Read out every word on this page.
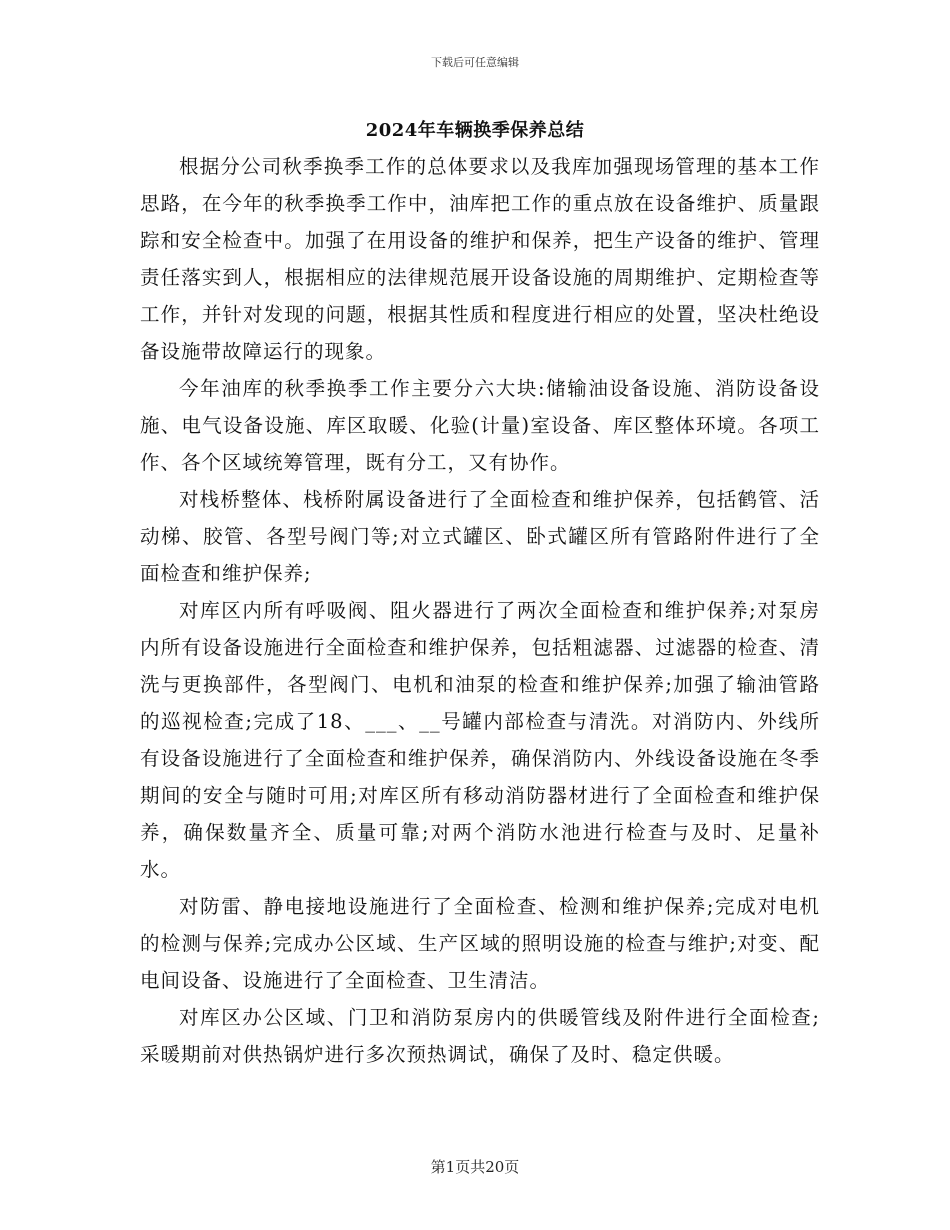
下载后可任意编辑
2024年车辆换季保养总结

根据分公司秋季换季工作的总体要求以及我库加强现场管理的基本工作思路，在今年的秋季换季工作中，油库把工作的重点放在设备维护、质量跟踪和安全检查中。加强了在用设备的维护和保养，把生产设备的维护、管理责任落实到人，根据相应的法律规范展开设备设施的周期维护、定期检查等工作，并针对发现的问题，根据其性质和程度进行相应的处置，坚决杜绝设备设施带故障运行的现象。

今年油库的秋季换季工作主要分六大块:储输油设备设施、消防设备设施、电气设备设施、库区取暖、化验(计量)室设备、库区整体环境。各项工作、各个区域统筹管理，既有分工，又有协作。

对栈桥整体、栈桥附属设备进行了全面检查和维护保养，包括鹤管、活动梯、胶管、各型号阀门等;对立式罐区、卧式罐区所有管路附件进行了全面检查和维护保养;

对库区内所有呼吸阀、阻火器进行了两次全面检查和维护保养;对泵房内所有设备设施进行全面检查和维护保养，包括粗滤器、过滤器的检查、清洗与更换部件，各型阀门、电机和油泵的检查和维护保养;加强了输油管路的巡视检查;完成了18、___、__号罐内部检查与清洗。对消防内、外线所有设备设施进行了全面检查和维护保养，确保消防内、外线设备设施在冬季期间的安全与随时可用;对库区所有移动消防器材进行了全面检查和维护保养，确保数量齐全、质量可靠;对两个消防水池进行检查与及时、足量补水。

对防雷、静电接地设施进行了全面检查、检测和维护保养;完成对电机的检测与保养;完成办公区域、生产区域的照明设施的检查与维护;对变、配电间设备、设施进行了全面检查、卫生清洁。

对库区办公区域、门卫和消防泵房内的供暖管线及附件进行全面检查;采暖期前对供热锅炉进行多次预热调试，确保了及时、稳定供暖。

第1页共20页
